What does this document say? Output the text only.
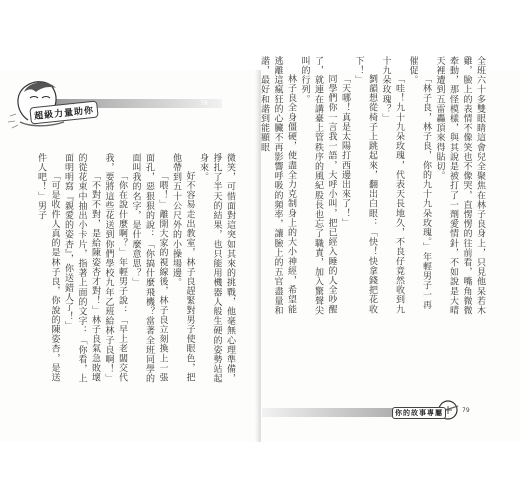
78
超級力量助你
微笑，可惜面對這突如其來的挑戰，他毫無心理準備，掙扎了半天的結果，也只能用機器人般生硬的姿勢站起身來。
好不容易走出教室，林子良趕緊對男子使眼色，把他帶到五十公尺外的小操場邊。
「喂！」離開大家的視線後，林子良立刻換上一張面孔，惡狠狠的說：「你搞什麼飛機？當著全班同學的面叫我的名字，是什麼意思？」
「你在說什麼啊？」年輕男子說：「早上老闆交代我，要將這些花送到你們學校九年乙班給林子良啊！」
「不對不對，是給陳姿杏才對！」林子良氣急敗壞的從花束中抽出小卡片，指著上面的文字：「你看，上面明明寫『親愛的姿杏』，你送錯人了！」
「可是收件人真的是林子良，你說的陳姿杏，是送件人吧！」男子	全班六十多雙眼睛這會兒全聚焦在林子良身上，只見他呆若木雞，臉上的表情不像笑也不像哭，直愣愣的往前看，嘴角微微牽動，那怪模樣，與其說是被打了一劑愛情針，不如說是大晴天裡遭到五雷轟頂來得貼切。
「林子良，林子良，你的九十九朵玫瑰。」年輕男子一再催促。
「哇！九十九朵玫瑰，代表天長地久，不良仔竟然收到九十九朵玫瑰？」
劉韻想從椅子上跳起來，翻出白眼：「快！快拿錢把花收下！」
「天哪！真是太陽打西邊出來了！」
同學們你一言我一語，大呼小叫，把已經入睡的人全吵醒了，就連在講臺上管秩序的風紀股長也忘了職責，加入驚聲尖叫的行列。
林子良全身僵硬，使盡全力克制身上的大小神經，希望能逃離這瘋狂的心臟不再影響呼吸的頻率，讓臉上的五官盡量和諧，最好和諧到能顯眼
你的故事專屬	79
